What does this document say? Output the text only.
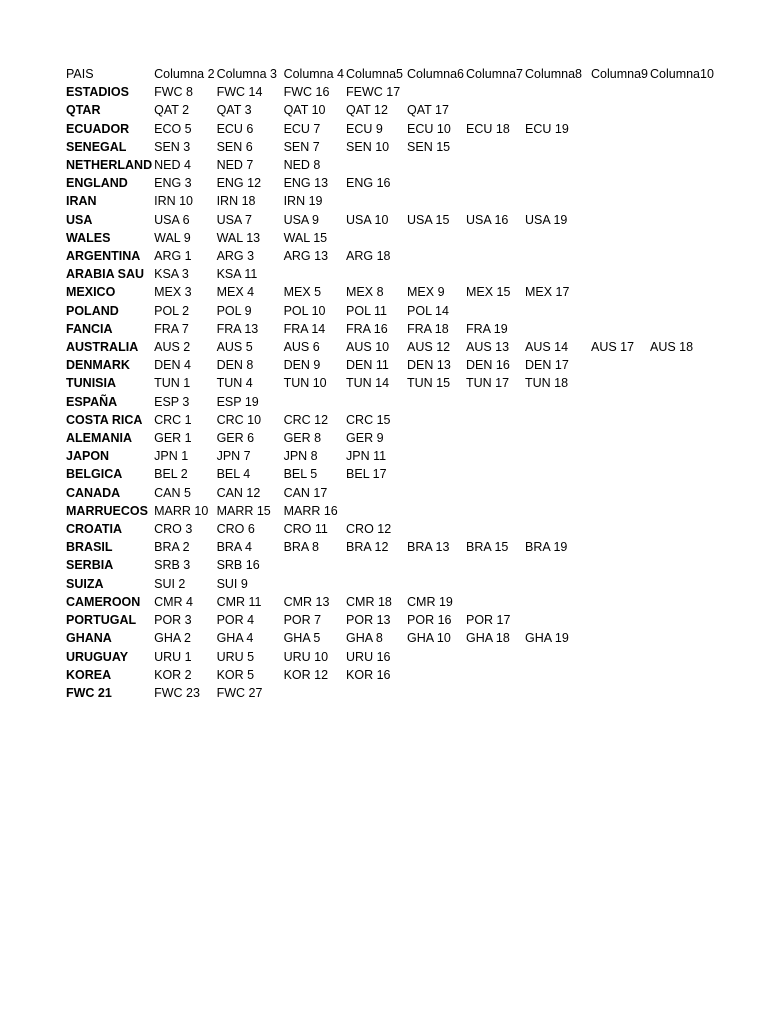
PAIS	Columna 2	Columna 3	Columna 4	Columna5	Columna6	Columna7	Columna8	Columna9	Columna10
ESTADIOS	FWC 8	FWC 14	FWC 16	FEWC 17					
QTAR	QAT 2	QAT 3	QAT 10	QAT 12	QAT 17				
ECUADOR	ECO 5	ECU 6	ECU 7	ECU 9	ECU 10	ECU 18	ECU 19		
SENEGAL	SEN 3	SEN 6	SEN 7	SEN 10	SEN 15				
NETHERLAND	NED 4	NED 7	NED 8						
ENGLAND	ENG 3	ENG 12	ENG 13	ENG 16					
IRAN	IRN 10	IRN 18	IRN 19						
USA	USA 6	USA 7	USA 9	USA 10	USA 15	USA 16	USA 19		
WALES	WAL 9	WAL 13	WAL 15						
ARGENTINA	ARG 1	ARG 3	ARG 13	ARG 18					
ARABIA SAU	KSA 3	KSA 11							
MEXICO	MEX 3	MEX 4	MEX 5	MEX 8	MEX 9	MEX 15	MEX 17		
POLAND	POL 2	POL 9	POL 10	POL 11	POL 14				
FANCIA	FRA 7	FRA 13	FRA 14	FRA 16	FRA 18	FRA 19			
AUSTRALIA	AUS 2	AUS 5	AUS 6	AUS 10	AUS 12	AUS 13	AUS 14	AUS 17	AUS 18
DENMARK	DEN 4	DEN 8	DEN 9	DEN 11	DEN 13	DEN 16	DEN 17		
TUNISIA	TUN 1	TUN 4	TUN 10	TUN 14	TUN 15	TUN 17	TUN 18		
ESPAÑA	ESP 3	ESP 19							
COSTA RICA	CRC 1	CRC 10	CRC 12	CRC 15					
ALEMANIA	GER 1	GER 6	GER 8	GER 9					
JAPON	JPN 1	JPN 7	JPN 8	JPN 11					
BELGICA	BEL 2	BEL 4	BEL 5	BEL 17					
CANADA	CAN 5	CAN 12	CAN 17						
MARRUECOS	MARR 10	MARR 15	MARR 16						
CROATIA	CRO 3	CRO 6	CRO 11	CRO 12					
BRASIL	BRA 2	BRA 4	BRA 8	BRA 12	BRA 13	BRA 15	BRA 19		
SERBIA	SRB 3	SRB 16							
SUIZA	SUI 2	SUI 9							
CAMEROON	CMR 4	CMR 11	CMR 13	CMR 18	CMR 19				
PORTUGAL	POR 3	POR 4	POR 7	POR 13	POR 16	POR 17			
GHANA	GHA 2	GHA 4	GHA 5	GHA 8	GHA 10	GHA 18	GHA 19		
URUGUAY	URU 1	URU 5	URU 10	URU 16					
KOREA	KOR 2	KOR 5	KOR 12	KOR 16					
FWC 21	FWC 23	FWC 27							
